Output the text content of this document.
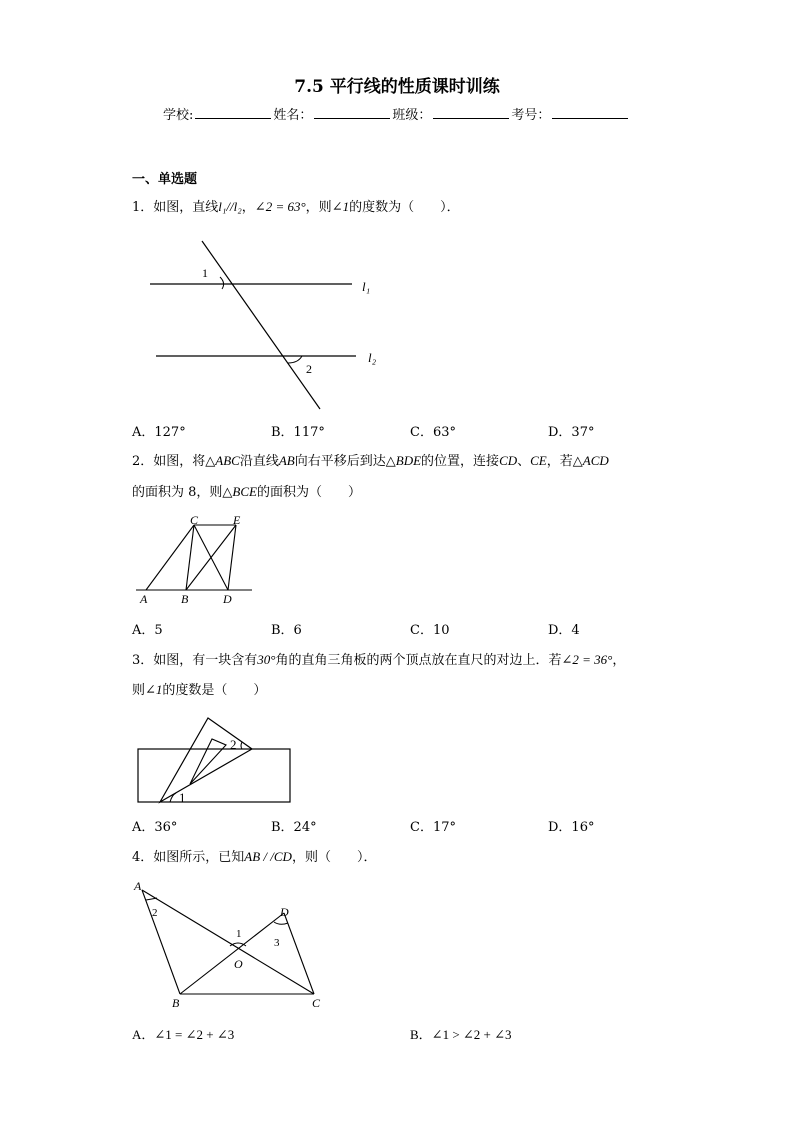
7.5 平行线的性质课时训练
学校:	姓名：	班级：	考号：
一、单选题
1．如图，直线l₁//l₂，∠2 = 63°，则∠1的度数为（　　）．
1
l₁
l₂
2
A．127°	B．117°	C．63°	D．37°
2．如图，将△ABC沿直线AB向右平移后到达△BDE的位置，连接CD、CE，若△ACD
的面积为 8，则△BCE的面积为（　　）
C	E
A	B	D
A．5	B．6	C．10	D．4
3．如图，有一块含有30°角的直角三角板的两个顶点放在直尺的对边上．若∠2 = 36°，
则∠1的度数是（　　）
2
1
A．36°	B．24°	C．17°	D．16°
4．如图所示，已知AB / /CD，则（　　）．
A
2
1
D
3
O
B	C
A．∠1 = ∠2 + ∠3	B．∠1 > ∠2 + ∠3
